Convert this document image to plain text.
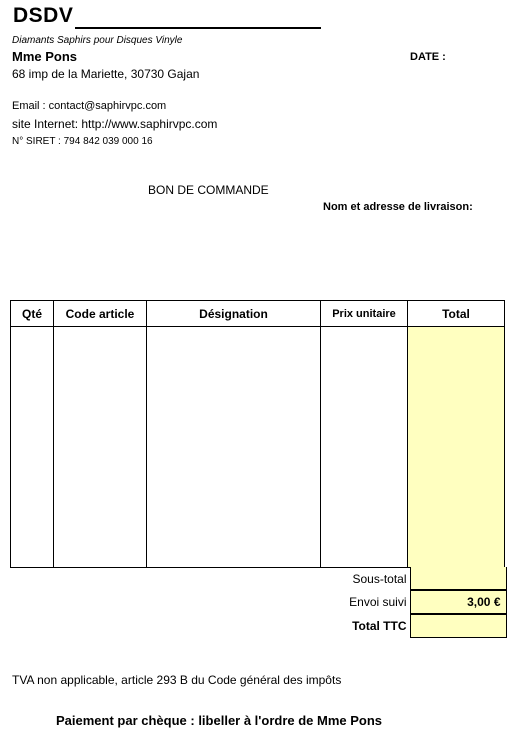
DSDV
Diamants Saphirs pour Disques Vinyle
Mme Pons
68 imp de la Mariette, 30730 Gajan
Email : contact@saphirvpc.com
site Internet: http://www.saphirvpc.com
N° SIRET : 794 842 039 000 16
DATE :
BON DE COMMANDE
Nom et adresse de livraison:
Qté	Code article	Désignation	Prix unitaire	Total

Sous-total	
Envoi suivi	3,00 €
Total TTC	
TVA non applicable, article 293 B du Code général des impôts
Paiement par chèque : libeller à l'ordre de Mme Pons
